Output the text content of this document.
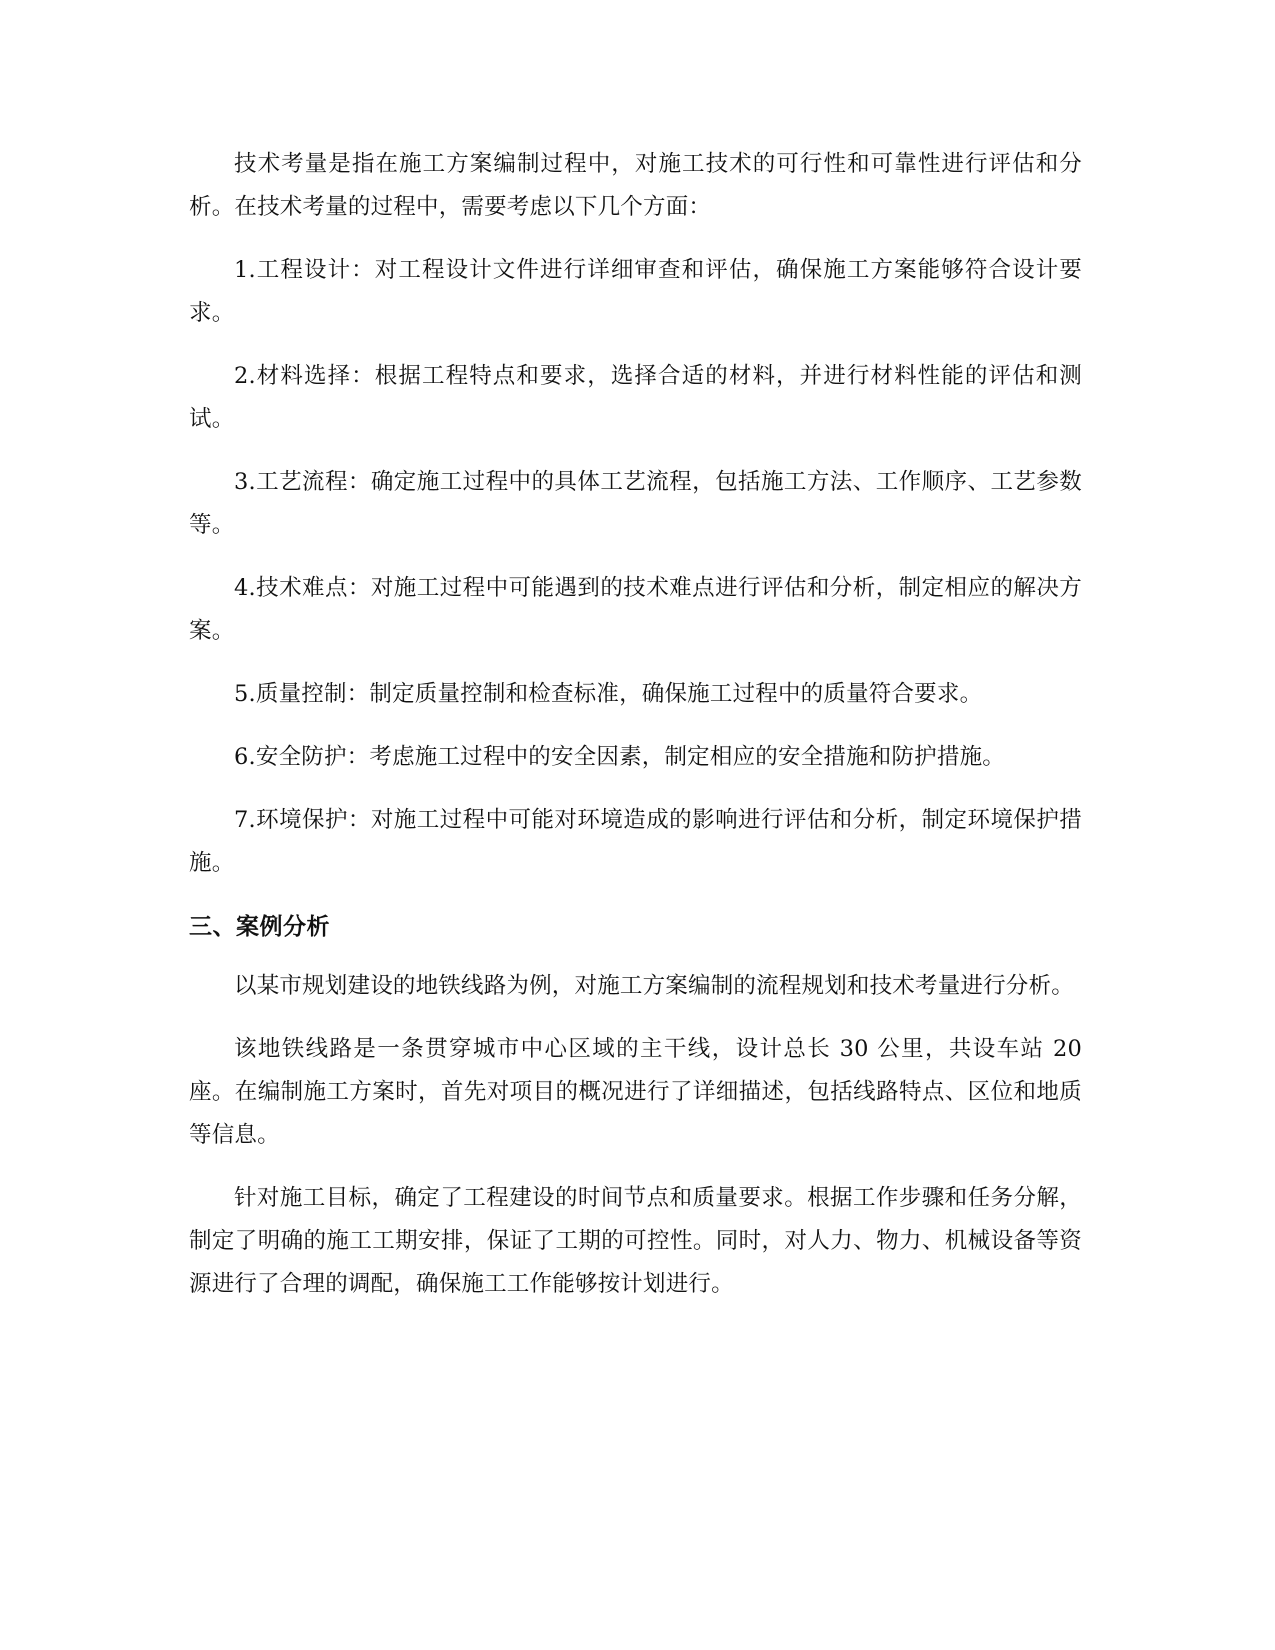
技术考量是指在施工方案编制过程中，对施工技术的可行性和可靠性进行评估和分析。在技术考量的过程中，需要考虑以下几个方面：

1.工程设计：对工程设计文件进行详细审查和评估，确保施工方案能够符合设计要求。

2.材料选择：根据工程特点和要求，选择合适的材料，并进行材料性能的评估和测试。

3.工艺流程：确定施工过程中的具体工艺流程，包括施工方法、工作顺序、工艺参数等。

4.技术难点：对施工过程中可能遇到的技术难点进行评估和分析，制定相应的解决方案。

5.质量控制：制定质量控制和检查标准，确保施工过程中的质量符合要求。

6.安全防护：考虑施工过程中的安全因素，制定相应的安全措施和防护措施。

7.环境保护：对施工过程中可能对环境造成的影响进行评估和分析，制定环境保护措施。

三、案例分析

以某市规划建设的地铁线路为例，对施工方案编制的流程规划和技术考量进行分析。

该地铁线路是一条贯穿城市中心区域的主干线，设计总长 30 公里，共设车站 20 座。在编制施工方案时，首先对项目的概况进行了详细描述，包括线路特点、区位和地质等信息。

针对施工目标，确定了工程建设的时间节点和质量要求。根据工作步骤和任务分解，制定了明确的施工工期安排，保证了工期的可控性。同时，对人力、物力、机械设备等资源进行了合理的调配，确保施工工作能够按计划进行。
